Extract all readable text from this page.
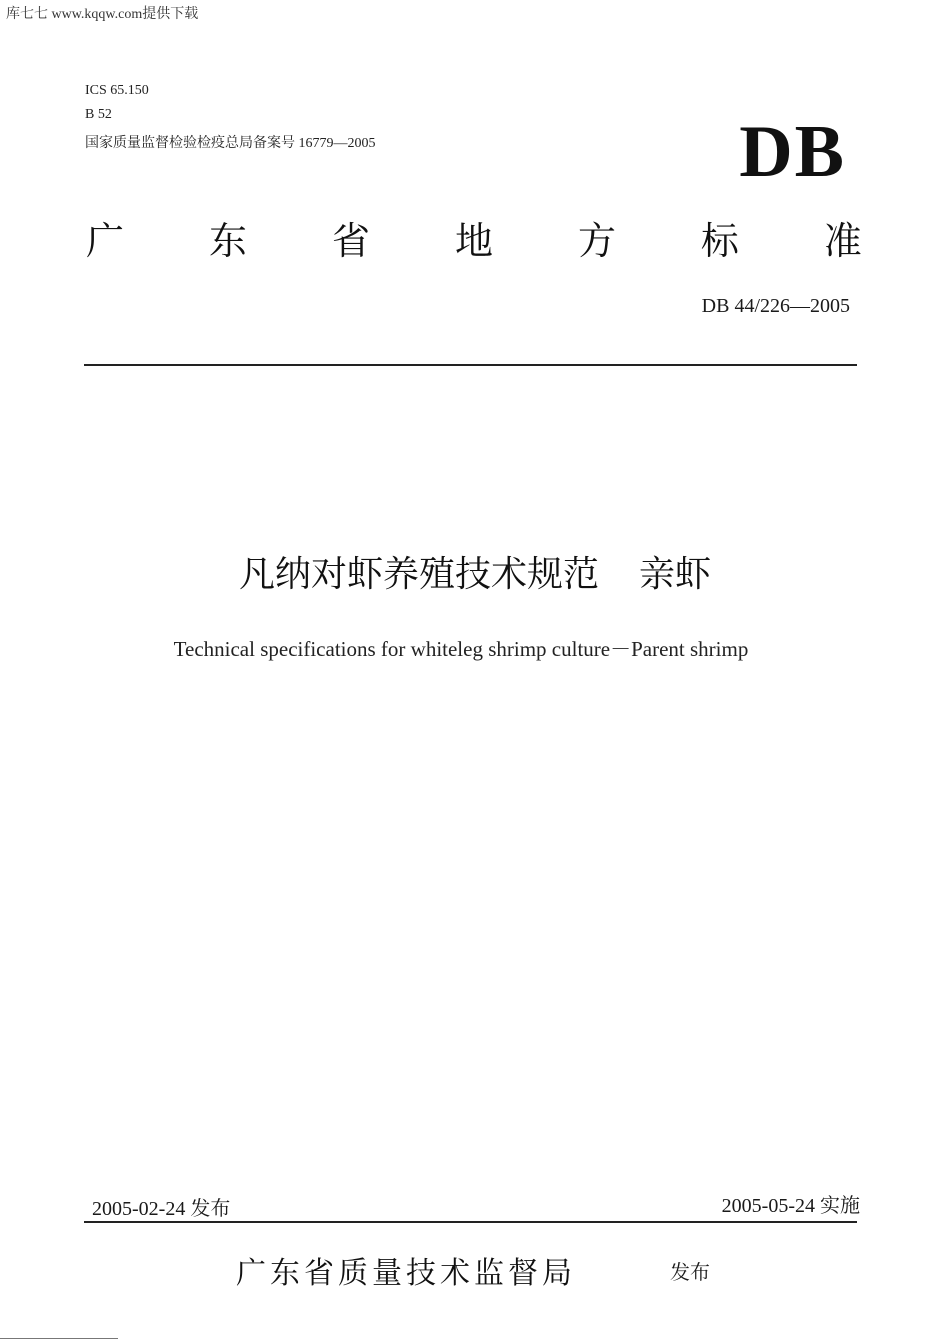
库七七 www.kqqw.com提供下载
ICS 65.150
B 52
国家质量监督检验检疫总局备案号 16779—2005	DB
广 东 省 地 方 标 准
DB 44/226—2005
凡纳对虾养殖技术规范 亲虾
Technical specifications for whiteleg shrimp culture－Parent shrimp
2005-02-24 发布	2005-05-24 实施
广东省质量技术监督局	发布
